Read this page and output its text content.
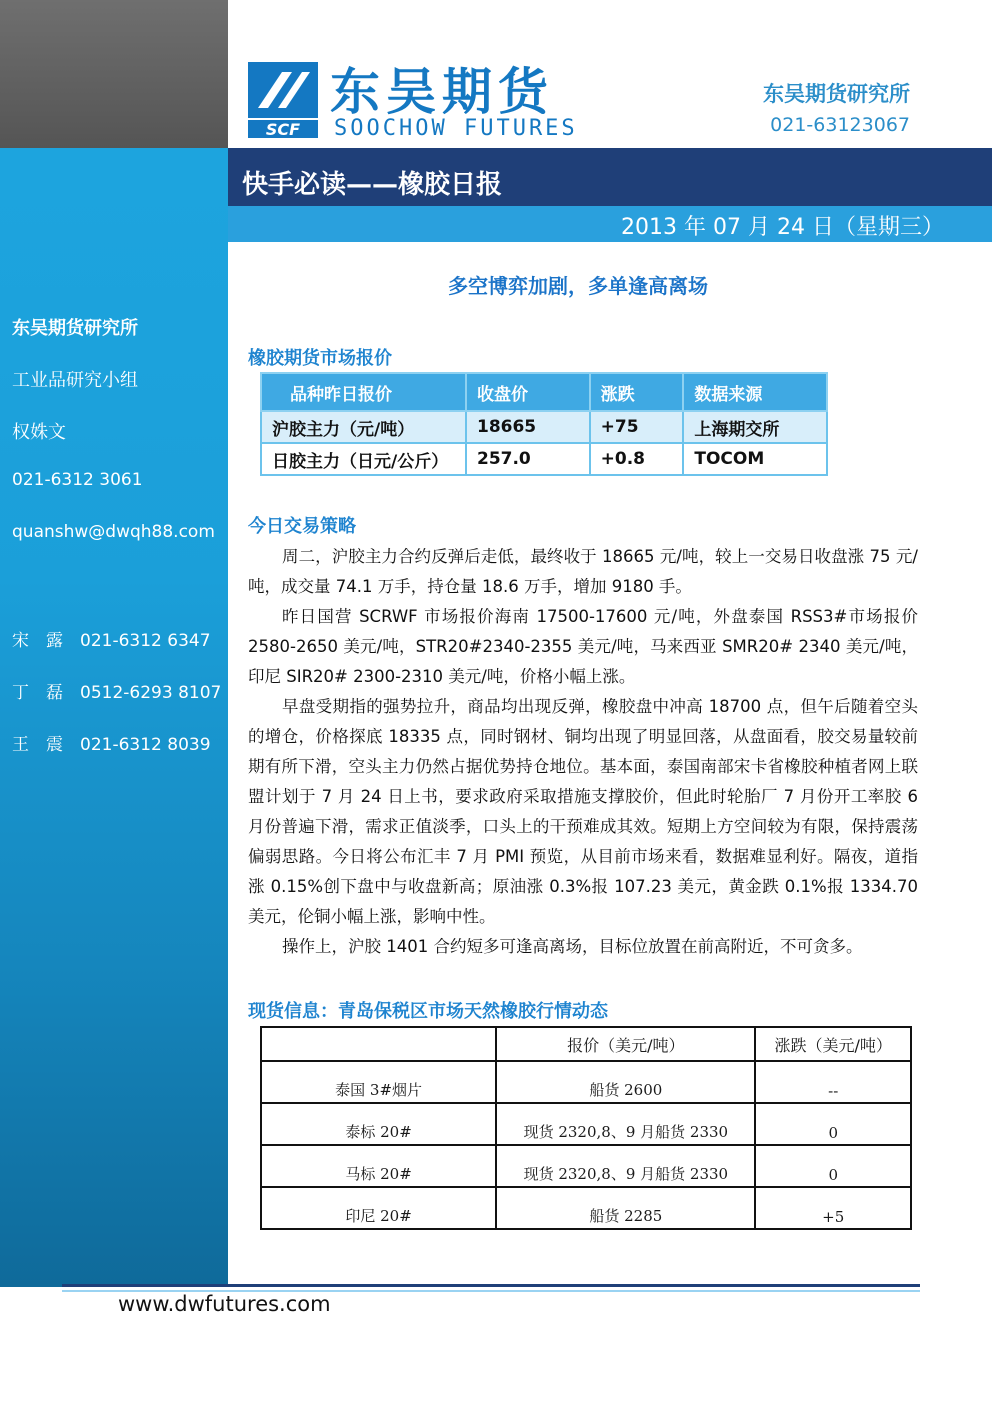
东吴期货研究所
工业品研究小组
权姝文
021-6312 3061
quanshw@dwqh88.com
宋　露　021-6312 6347
丁　磊　0512-6293 8107
王　震　021-6312 8039
SCF
东吴期货
SOOCHOW FUTURES
东吴期货研究所
021-63123067
快手必读——橡胶日报
2013 年 07 月 24 日（星期三）
多空博弈加剧，多单逢高离场
橡胶期货市场报价
品种昨日报价	收盘价	涨跌	数据来源
沪胶主力（元/吨）	18665	+75	上海期交所
日胶主力（日元/公斤）	257.0	+0.8	TOCOM
今日交易策略
周二，沪胶主力合约反弹后走低，最终收于 18665 元/吨，较上一交易日收盘涨 75 元/吨，成交量 74.1 万手，持仓量 18.6 万手，增加 9180 手。
昨日国营 SCRWF 市场报价海南 17500-17600 元/吨，外盘泰国 RSS3#市场报价 2580-2650 美元/吨，STR20#2340-2355 美元/吨，马来西亚 SMR20# 2340 美元/吨，印尼 SIR20# 2300-2310 美元/吨，价格小幅上涨。
早盘受期指的强势拉升，商品均出现反弹，橡胶盘中冲高 18700 点，但午后随着空头的增仓，价格探底 18335 点，同时钢材、铜均出现了明显回落，从盘面看，胶交易量较前期有所下滑，空头主力仍然占据优势持仓地位。基本面，泰国南部宋卡省橡胶种植者网上联盟计划于 7 月 24 日上书，要求政府采取措施支撑胶价，但此时轮胎厂 7 月份开工率胶 6 月份普遍下滑，需求正值淡季，口头上的干预难成其效。短期上方空间较为有限，保持震荡偏弱思路。今日将公布汇丰 7 月 PMI 预览，从目前市场来看，数据难显利好。隔夜，道指涨 0.15%创下盘中与收盘新高；原油涨 0.3%报 107.23 美元，黄金跌 0.1%报 1334.70 美元，伦铜小幅上涨，影响中性。
操作上，沪胶 1401 合约短多可逢高离场，目标位放置在前高附近，不可贪多。
现货信息：青岛保税区市场天然橡胶行情动态
	报价（美元/吨）	涨跌（美元/吨）
泰国 3#烟片	船货 2600	--
泰标 20#	现货 2320,8、9 月船货 2330	0
马标 20#	现货 2320,8、9 月船货 2330	0
印尼 20#	船货 2285	+5
www.dwfutures.com
